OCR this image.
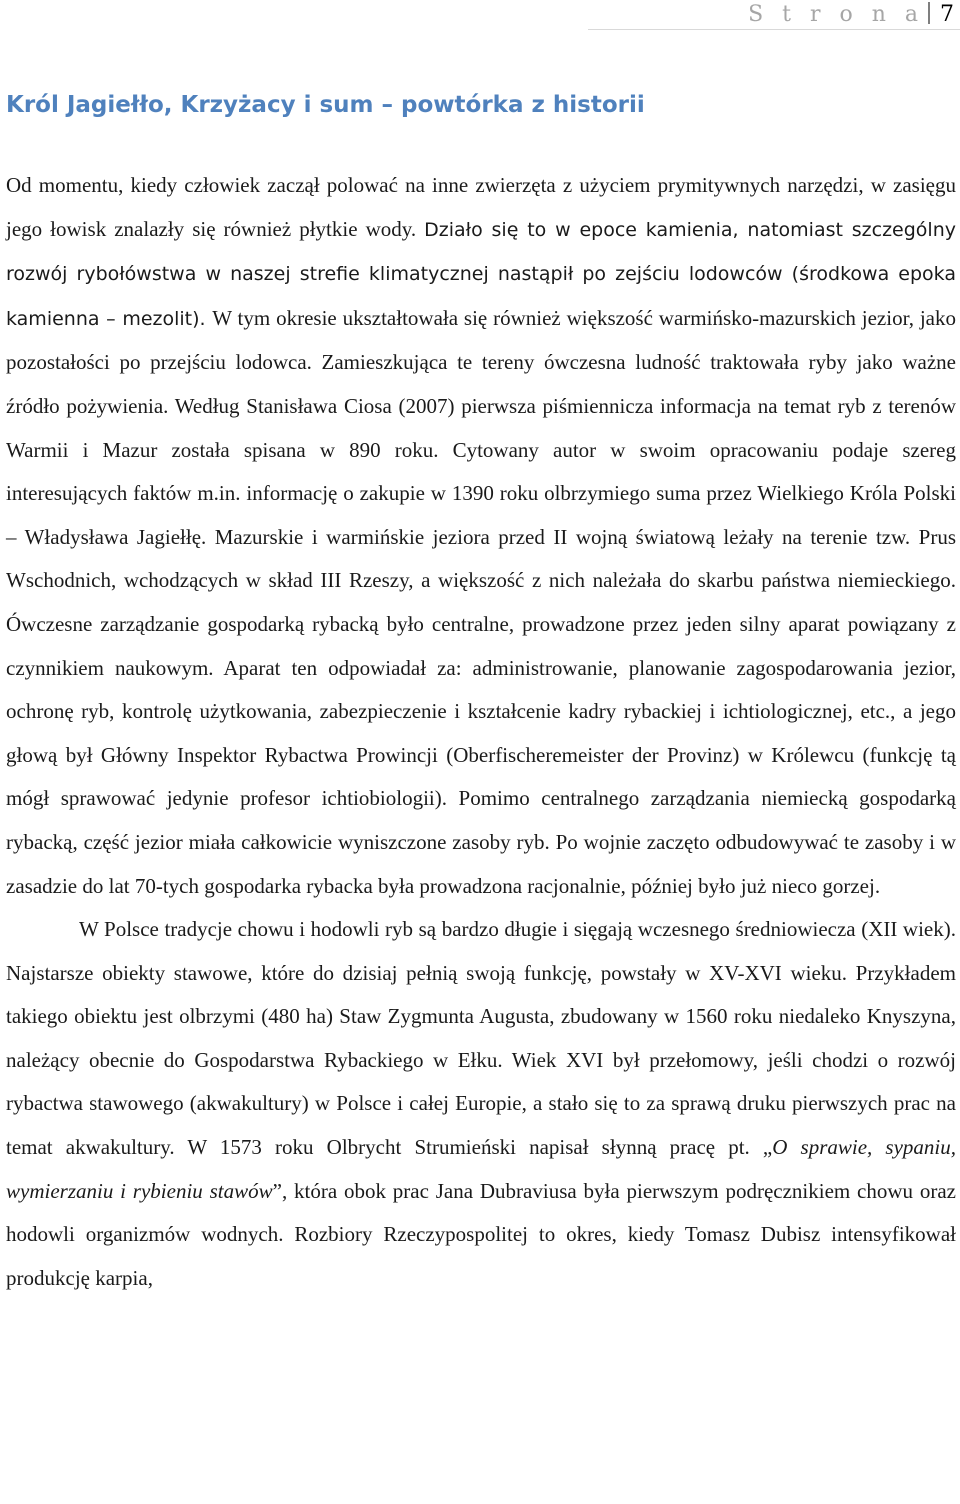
S t r o n a 7
Król Jagiełło, Krzyżacy i sum – powtórka z historii

Od momentu, kiedy człowiek zaczął polować na inne zwierzęta z użyciem prymitywnych narzędzi, w zasięgu jego łowisk znalazły się również płytkie wody. Działo się to w epoce kamienia, natomiast szczególny rozwój rybołówstwa w naszej strefie klimatycznej nastąpił po zejściu lodowców (środkowa epoka kamienna – mezolit). W tym okresie ukształtowała się również większość warmińsko-mazurskich jezior, jako pozostałości po przejściu lodowca. Zamieszkująca te tereny ówczesna ludność traktowała ryby jako ważne źródło pożywienia. Według Stanisława Ciosa (2007) pierwsza piśmiennicza informacja na temat ryb z terenów Warmii i Mazur została spisana w 890 roku. Cytowany autor w swoim opracowaniu podaje szereg interesujących faktów m.in. informację o zakupie w 1390 roku olbrzymiego suma przez Wielkiego Króla Polski – Władysława Jagiełłę. Mazurskie i warmińskie jeziora przed II wojną światową leżały na terenie tzw. Prus Wschodnich, wchodzących w skład III Rzeszy, a większość z nich należała do skarbu państwa niemieckiego. Ówczesne zarządzanie gospodarką rybacką było centralne, prowadzone przez jeden silny aparat powiązany z czynnikiem naukowym. Aparat ten odpowiadał za: administrowanie, planowanie zagospodarowania jezior, ochronę ryb, kontrolę użytkowania, zabezpieczenie i kształcenie kadry rybackiej i ichtiologicznej, etc., a jego głową był Główny Inspektor Rybactwa Prowincji (Oberfischeremeister der Provinz) w Królewcu (funkcję tą mógł sprawować jedynie profesor ichtiobiologii). Pomimo centralnego zarządzania niemiecką gospodarką rybacką, część jezior miała całkowicie wyniszczone zasoby ryb. Po wojnie zaczęto odbudowywać te zasoby i w zasadzie do lat 70-tych gospodarka rybacka była prowadzona racjonalnie, później było już nieco gorzej.

W Polsce tradycje chowu i hodowli ryb są bardzo długie i sięgają wczesnego średniowiecza (XII wiek). Najstarsze obiekty stawowe, które do dzisiaj pełnią swoją funkcję, powstały w XV-XVI wieku. Przykładem takiego obiektu jest olbrzymi (480 ha) Staw Zygmunta Augusta, zbudowany w 1560 roku niedaleko Knyszyna, należący obecnie do Gospodarstwa Rybackiego w Ełku. Wiek XVI był przełomowy, jeśli chodzi o rozwój rybactwa stawowego (akwakultury) w Polsce i całej Europie, a stało się to za sprawą druku pierwszych prac na temat akwakultury. W 1573 roku Olbrycht Strumieński napisał słynną pracę pt. „O sprawie, sypaniu, wymierzaniu i rybieniu stawów”, która obok prac Jana Dubraviusa była pierwszym podręcznikiem chowu oraz hodowli organizmów wodnych. Rozbiory Rzeczypospolitej to okres, kiedy Tomasz Dubisz intensyfikował produkcję karpia,
